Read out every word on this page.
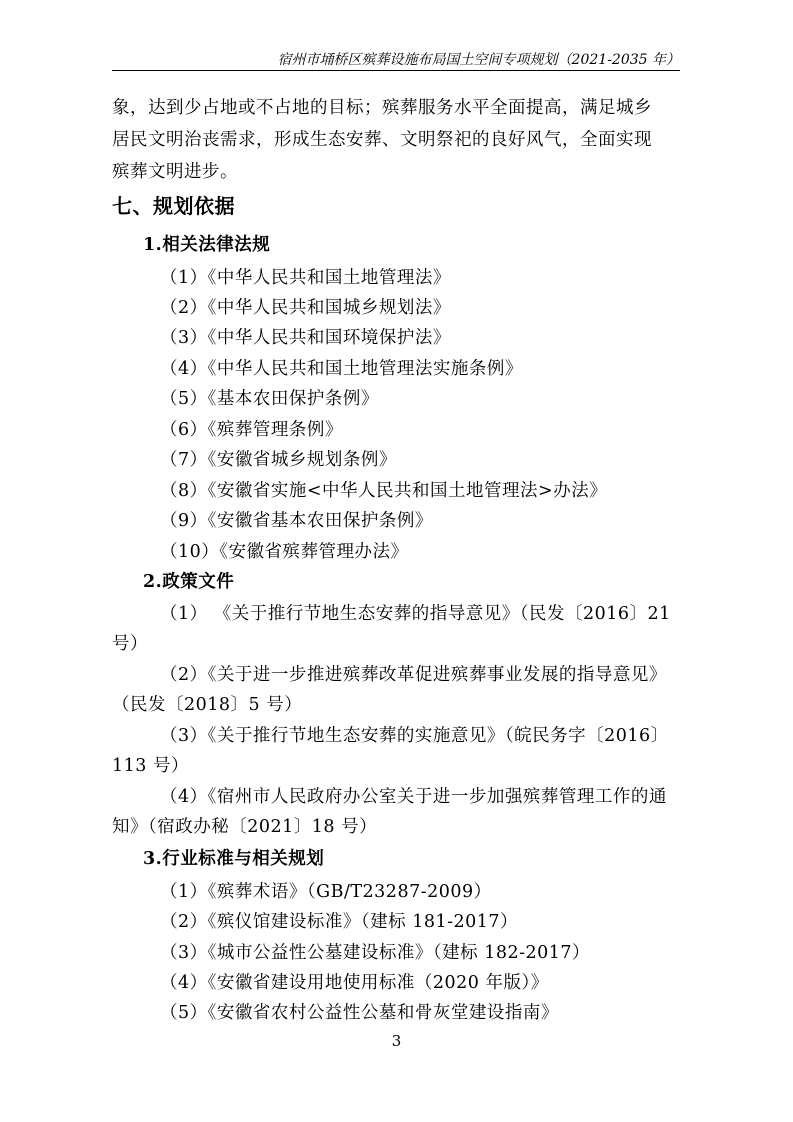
宿州市埇桥区殡葬设施布局国土空间专项规划（2021-2035 年）
象，达到少占地或不占地的目标；殡葬服务水平全面提高，满足城乡
居民文明治丧需求，形成生态安葬、文明祭祀的良好风气，全面实现
殡葬文明进步。
七、规划依据
1.相关法律法规
（1）《中华人民共和国土地管理法》
（2）《中华人民共和国城乡规划法》
（3）《中华人民共和国环境保护法》
（4）《中华人民共和国土地管理法实施条例》
（5）《基本农田保护条例》
（6）《殡葬管理条例》
（7）《安徽省城乡规划条例》
（8）《安徽省实施<中华人民共和国土地管理法>办法》
（9）《安徽省基本农田保护条例》
（10）《安徽省殡葬管理办法》
2.政策文件
（1） 《关于推行节地生态安葬的指导意见》（民发〔2016〕21
号）
（2）《关于进一步推进殡葬改革促进殡葬事业发展的指导意见》
（民发〔2018〕5 号）
（3）《关于推行节地生态安葬的实施意见》（皖民务字〔2016〕
113 号）
（4）《宿州市人民政府办公室关于进一步加强殡葬管理工作的通
知》（宿政办秘〔2021〕18 号）
3.行业标准与相关规划
（1）《殡葬术语》（GB/T23287-2009）
（2）《殡仪馆建设标准》（建标 181-2017）
（3）《城市公益性公墓建设标准》（建标 182-2017）
（4）《安徽省建设用地使用标准（2020 年版）》
（5）《安徽省农村公益性公墓和骨灰堂建设指南》
3
